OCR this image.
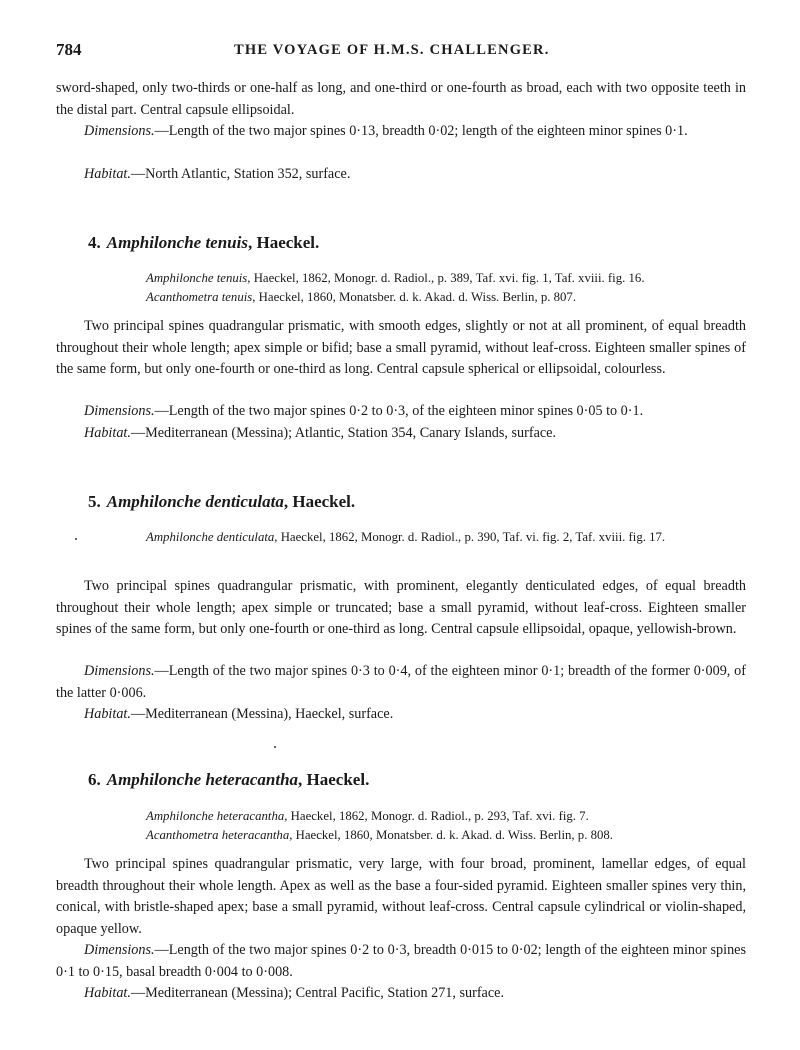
784	THE VOYAGE OF H.M.S. CHALLENGER.

sword-shaped, only two-thirds or one-half as long, and one-third or one-fourth as broad, each with two opposite teeth in the distal part. Central capsule ellipsoidal.

Dimensions.—Length of the two major spines 0·13, breadth 0·02; length of the eighteen minor spines 0·1.

Habitat.—North Atlantic, Station 352, surface.

4. Amphilonche tenuis, Haeckel.

Amphilonche tenuis, Haeckel, 1862, Monogr. d. Radiol., p. 389, Taf. xvi. fig. 1, Taf. xviii. fig. 16.

Acanthometra tenuis, Haeckel, 1860, Monatsber. d. k. Akad. d. Wiss. Berlin, p. 807.

Two principal spines quadrangular prismatic, with smooth edges, slightly or not at all prominent, of equal breadth throughout their whole length; apex simple or bifid; base a small pyramid, without leaf-cross. Eighteen smaller spines of the same form, but only one-fourth or one-third as long. Central capsule spherical or ellipsoidal, colourless.

Dimensions.—Length of the two major spines 0·2 to 0·3, of the eighteen minor spines 0·05 to 0·1.

Habitat.—Mediterranean (Messina); Atlantic, Station 354, Canary Islands, surface.

5. Amphilonche denticulata, Haeckel.

Amphilonche denticulata, Haeckel, 1862, Monogr. d. Radiol., p. 390, Taf. vi. fig. 2, Taf. xviii. fig. 17.

Two principal spines quadrangular prismatic, with prominent, elegantly denticulated edges, of equal breadth throughout their whole length; apex simple or truncated; base a small pyramid, without leaf-cross. Eighteen smaller spines of the same form, but only one-fourth or one-third as long. Central capsule ellipsoidal, opaque, yellowish-brown.

Dimensions.—Length of the two major spines 0·3 to 0·4, of the eighteen minor 0·1; breadth of the former 0·009, of the latter 0·006.

Habitat.—Mediterranean (Messina), Haeckel, surface.

6. Amphilonche heteracantha, Haeckel.

Amphilonche heteracantha, Haeckel, 1862, Monogr. d. Radiol., p. 293, Taf. xvi. fig. 7.

Acanthometra heteracantha, Haeckel, 1860, Monatsber. d. k. Akad. d. Wiss. Berlin, p. 808.

Two principal spines quadrangular prismatic, very large, with four broad, prominent, lamellar edges, of equal breadth throughout their whole length. Apex as well as the base a four-sided pyramid. Eighteen smaller spines very thin, conical, with bristle-shaped apex; base a small pyramid, without leaf-cross. Central capsule cylindrical or violin-shaped, opaque yellow.

Dimensions.—Length of the two major spines 0·2 to 0·3, breadth 0·015 to 0·02; length of the eighteen minor spines 0·1 to 0·15, basal breadth 0·004 to 0·008.

Habitat.—Mediterranean (Messina); Central Pacific, Station 271, surface.
